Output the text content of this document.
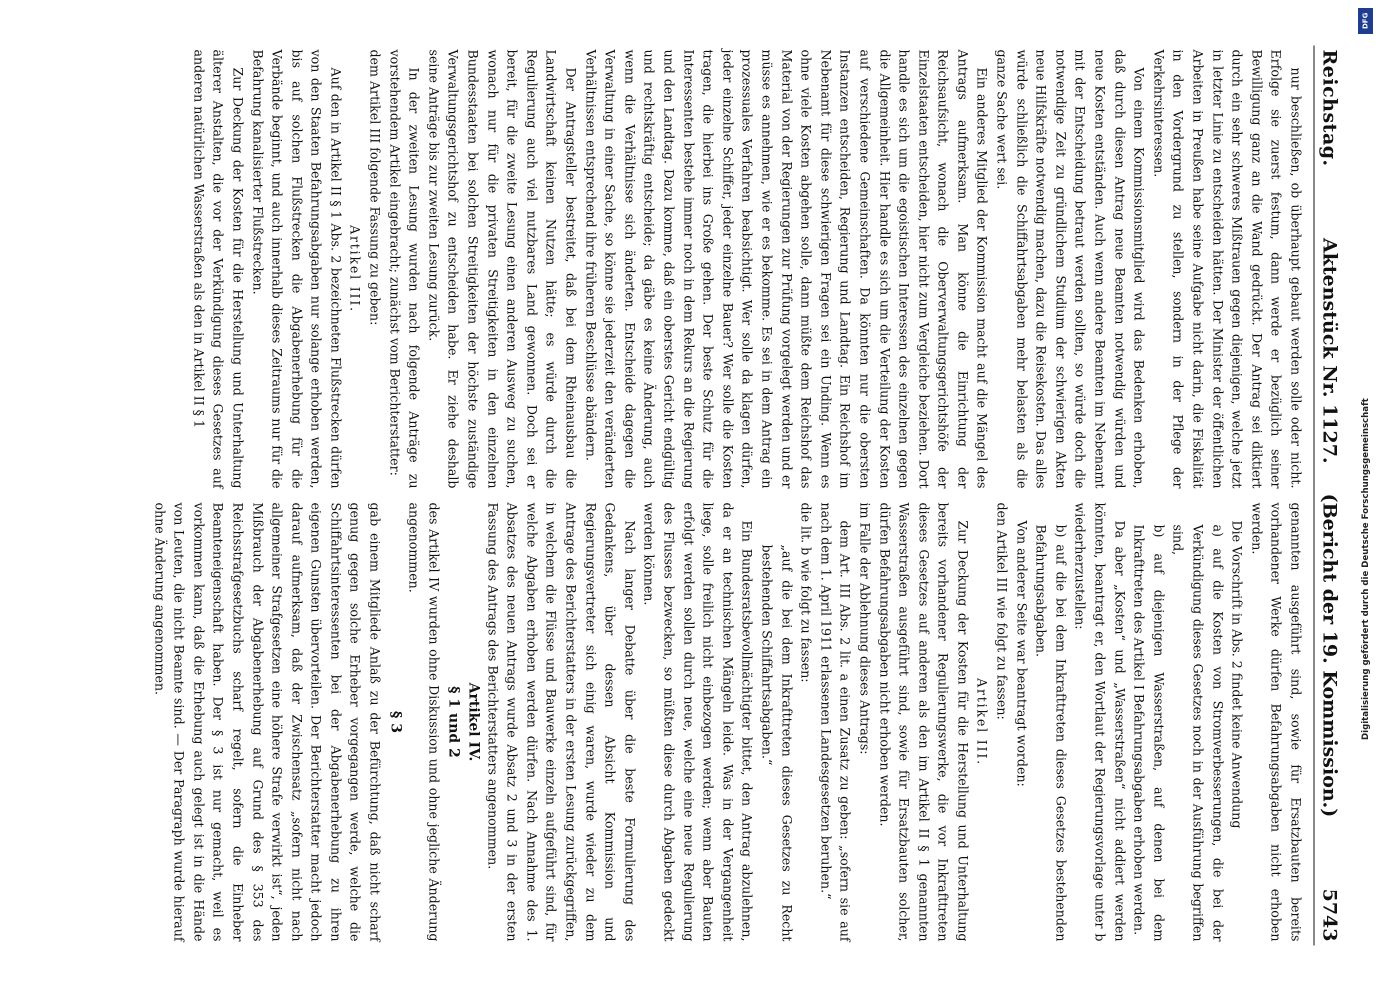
Reichstag.
Aktenstück Nr. 1127.
(Bericht der 19. Kommission.)
5743

nur beschließen, ob überhaupt gebaut werden solle oder nicht. Erfolge sie zuerst festum, dann werde er bezüglich seiner Bewilligung ganz an die Wand gedrückt. Der Antrag sei diktiert durch ein sehr schweres Mißtrauen gegen diejenigen, welche jetzt in letzter Linie zu entscheiden hätten. Der Minister der öffentlichen Arbeiten in Preußen habe seine Aufgabe nicht darin, die Fiskalität in den Vordergrund zu stellen, sondern in der Pflege der Verkehrsinteressen.

Von einem Kommissionsmitglied wird das Bedenken erhoben, daß durch diesen Antrag neue Beamten notwendig würden und neue Kosten entständen. Auch wenn andere Beamten im Nebenamt mit der Entscheidung betraut werden sollten, so würde doch die notwendige Zeit zu gründlichem Studium der schwierigen Akten neue Hilfskräfte notwendig machen, dazu die Reisekosten. Das alles würde schließlich die Schiffahrtsabgaben mehr belasten als die ganze Sache wert sei.

Ein anderes Mitglied der Kommission macht auf die Mängel des Antrags aufmerksam. Man könne die Einrichtung der Reichsaufsicht, wonach die Oberverwaltungsgerichtshöfe der Einzelstaaten entscheiden, hier nicht zum Vergleiche beziehen. Dort handle es sich um die egoistischen Interessen des einzelnen gegen die Allgemeinheit. Hier handle es sich um die Verteilung der Kosten auf verschiedene Gemeinschaften. Da könnten nur die obersten Instanzen entscheiden, Regierung und Landtag. Ein Reichshof im Nebenamt für diese schwierigen Fragen sei ein Unding. Wenn es ohne viele Kosten abgehen solle, dann müßte dem Reichshof das Material von der Regierungen zur Prüfung vorgelegt werden und er müsse es annehmen, wie er es bekomme. Es sei in dem Antrag ein prozessuales Verfahren beabsichtigt. Wer solle da klagen dürfen, jeder einzelne Schiffer, jeder einzelne Bauer? Wer solle die Kosten tragen, die hierbei ins Große gehen. Der beste Schutz für die Interessenten bestehe immer noch in dem Rekurs an die Regierung und den Landtag. Dazu komme, daß ein oberstes Gericht endgültig und rechtskräftig entscheide; da gäbe es keine Änderung, auch wenn die Verhältnisse sich änderten. Entscheide dagegen die Verwaltung in einer Sache, so könne sie jederzeit den veränderten Verhältnissen entsprechend ihre früheren Beschlüsse abändern.

Der Antragsteller bestreitet, daß bei dem Rheinausbau die Landwirtschaft keinen Nutzen hätte; es würde durch die Regulierung auch viel nutzbares Land gewonnen. Doch sei er bereit, für die zweite Lesung einen anderen Ausweg zu suchen, wonach nur für die privaten Streitigkeiten in den einzelnen Bundesstaaten bei solchen Streitigkeiten der höchste zuständige Verwaltungsgerichtshof zu entscheiden habe. Er ziehe deshalb seine Anträge bis zur zweiten Lesung zurück.

In der zweiten Lesung wurden nach folgende Anträge zu vorstehendem Artikel eingebracht; zunächst vom Berichterstatter:

dem Artikel III folgende Fassung zu geben:

Artikel III.

Auf den in Artikel II § 1 Abs. 2 bezeichneten Flußstrecken dürfen von den Staaten Befahrungsabgaben nur solange erhoben werden, bis auf solchen Flußstrecken die Abgabenerhebung für die Verbände beginnt, und auch innerhalb dieses Zeitraums nur für die Befahrung kanalisierter Flußstrecken.

Zur Deckung der Kosten für die Herstellung und Unterhaltung älterer Anstalten, die vor der Verkündigung dieses Gesetzes auf anderen natürlichen Wasserstraßen als den in Artikel II § 1

genannten ausgeführt sind, sowie für Ersatzbauten bereits vorhandener Werke dürfen Befahrungsabgaben nicht erhoben werden.

Die Vorschrift in Abs. 2 findet keine Anwendung

a) auf die Kosten von Stromverbesserungen, die bei der Verkündigung dieses Gesetzes noch in der Ausführung begriffen sind,

b) auf diejenigen Wasserstraßen, auf denen bei dem Inkrafttreten des Artikel I Befahrungsabgaben erhoben werden.

Da aber „Kosten“ und „Wasserstraßen“ nicht addiert werden könnten, beantragt er, den Wortlaut der Regierungsvorlage unter b wiederherzustellen:

b) auf die bei dem Inkrafttreten dieses Gesetzes bestehenden Befahrungsabgaben.

Von anderer Seite war beantragt worden:

den Artikel III wie folgt zu fassen:

Artikel III.

Zur Deckung der Kosten für die Herstellung und Unterhaltung bereits vorhandener Regulierungswerke, die vor Inkrafttreten dieses Gesetzes auf anderen als den im Artikel II § 1 genannten Wasserstraßen ausgeführt sind, sowie für Ersatzbauten solcher, dürfen Befahrungsabgaben nicht erhoben werden.

im Falle der Ablehnung dieses Antrags:

dem Art. III Abs. 2 lit. a einen Zusatz zu geben: „sofern sie auf nach dem 1. April 1911 erlassenen Landesgesetzen beruhen.“

die lit. b wie folgt zu fassen:

„auf die bei dem Inkrafttreten dieses Gesetzes zu Recht bestehenden Schiffahrtsabgaben.“

Ein Bundesratsbevollmächtigter bittet, den Antrag abzulehnen, da er an technischen Mängeln leide. Was in der Vergangenheit liege, solle freilich nicht einbezogen werden; wenn aber Bauten erfolgt werden sollen durch neue, welche eine neue Regulierung des Flusses bezwecken, so müßten diese durch Abgaben gedeckt werden können.

Nach langer Debatte über die beste Formulierung des Gedankens, über dessen Absicht Kommission und Regierungsvertreter sich einig waren, wurde wieder zu dem Antrage des Berichterstatters in der ersten Lesung zurückgegriffen, in welchem die Flüsse und Bauwerke einzeln aufgeführt sind, für welche Abgaben erhoben werden dürfen. Nach Annahme des 1. Absatzes des neuen Antrags wurde Absatz 2 und 3 in der ersten Fassung des Antrags des Berichterstatters angenommen.

Artikel IV.

§ 1 und 2

des Artikel IV wurden ohne Diskussion und ohne jegliche Änderung angenommen.

§ 3

gab einem Mitgliede Anlaß zu der Befürchtung, daß nicht scharf genug gegen solche Erheber vorgegangen werde, welche die Schiffahrtsinteressenten bei der Abgabenerhebung zu ihren eigenen Gunsten übervorteilen. Der Berichterstatter macht jedoch darauf aufmerksam, daß der Zwischensatz „sofern nicht nach allgemeiner Strafgesetzen eine höhere Strafe verwirkt ist“, jeden Mißbrauch der Abgabenerhebung auf Grund des § 353 des Reichsstrafgesetzbuchs scharf regelt, sofern die Einheber Beamteneigenschaft haben. Der § 3 ist nur gemacht, weil es vorkommen kann, daß die Erhebung auch gelegt ist in die Hände von Leuten, die nicht Beamte sind. — Der Paragraph wurde hierauf ohne Änderung angenommen.

DFG
Digitalisierung gefördert durch die Deutsche Forschungsgemeinschaft
